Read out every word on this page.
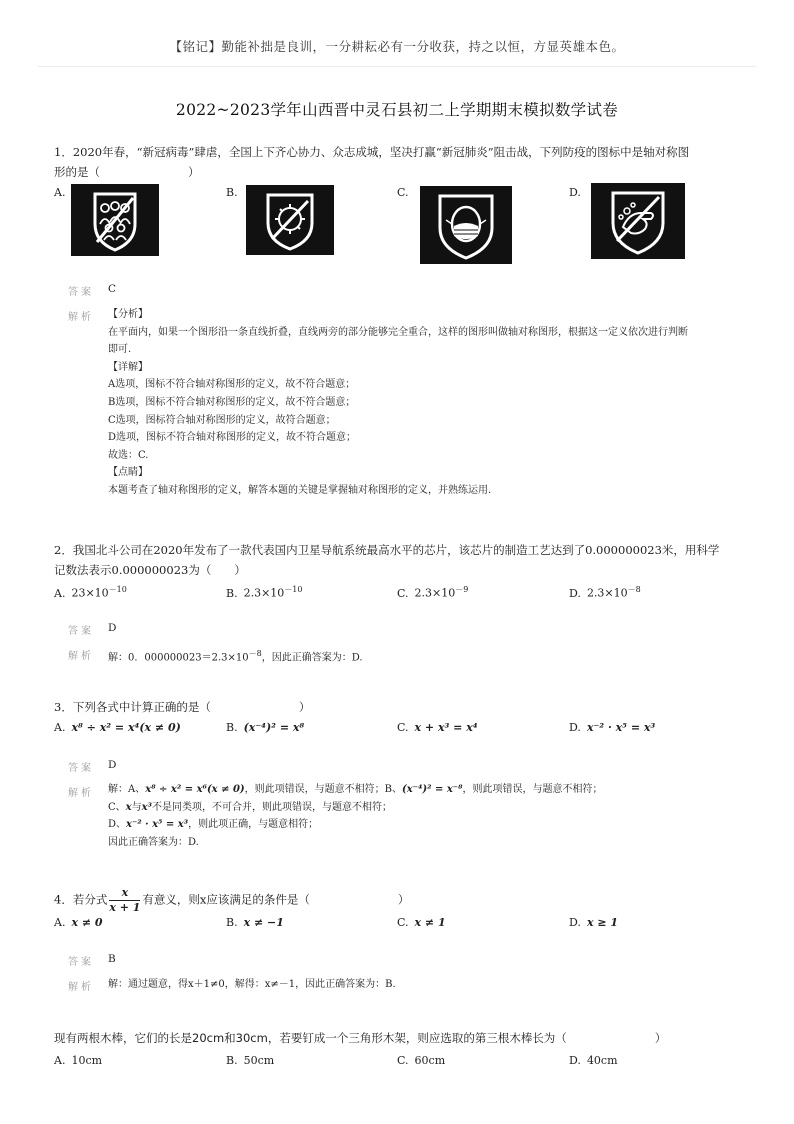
【铭记】勤能补拙是良训，一分耕耘必有一分收获，持之以恒，方显英雄本色。
2022~2023学年山西晋中灵石县初二上学期期末模拟数学试卷
1．2020年春，“新冠病毒”肆虐，全国上下齐心协力、众志成城，坚决打赢“新冠肺炎”阻击战，下列防疫的图标中是轴对称图
形的是（	）
A.	B.	C.	D.
答案 C
解析 【分析】
在平面内，如果一个图形沿一条直线折叠，直线两旁的部分能够完全重合，这样的图形叫做轴对称图形，根据这一定义依次进行判断
即可.
【详解】
A选项，图标不符合轴对称图形的定义，故不符合题意；
B选项，图标不符合轴对称图形的定义，故不符合题意；
C选项，图标符合轴对称图形的定义，故符合题意；
D选项，图标不符合轴对称图形的定义，故不符合题意；
故选：C.
【点睛】
本题考查了轴对称图形的定义，解答本题的关键是掌握轴对称图形的定义，并熟练运用.
2．我国北斗公司在2020年发布了一款代表国内卫星导航系统最高水平的芯片，该芯片的制造工艺达到了0.000000023米，用科学
记数法表示0.000000023为（　　）
A. $23\times 10^{-10}$	B. $2.3\times 10^{-10}$	C. $2.3\times 10^{-9}$	D. $2.3\times 10^{-8}$
答案 D
解析 解：0．$000000023=2.3\times 10^{-8}$，因此正确答案为：D.
3．下列各式中计算正确的是（	）
A. x⁸ ÷ x² = x⁴(x ≠ 0)	B. (x⁻⁴)² = x⁸	C. x + x³ = x⁴	D. x⁻² · x⁵ = x³
答案 D
解析 解：A、x⁸ ÷ x² = x⁶(x ≠ 0)，则此项错误，与题意不相符；B、(x⁻⁴)² = x⁻⁸，则此项错误，与题意不相符；
C、x与x³不是同类项，不可合并，则此项错误，与题意不相符；
D、x⁻² · x⁵ = x³，则此项正确，与题意相符；
因此正确答案为：D.
4．若分式 $\frac{x}{x + 1}$ 有意义，则x应该满足的条件是（	）
A. x ≠ 0	B. x ≠ −1	C. x ≠ 1	D. x ≥ 1
答案 B
解析 解：通过题意，得x＋1≠0，解得：x≠－1，因此正确答案为：B.
现有两根木棒，它们的长是20cm和30cm，若要钉成一个三角形木架，则应选取的第三根木棒长为（	）
A. 10cm	B. 50cm	C. 60cm	D. 40cm
